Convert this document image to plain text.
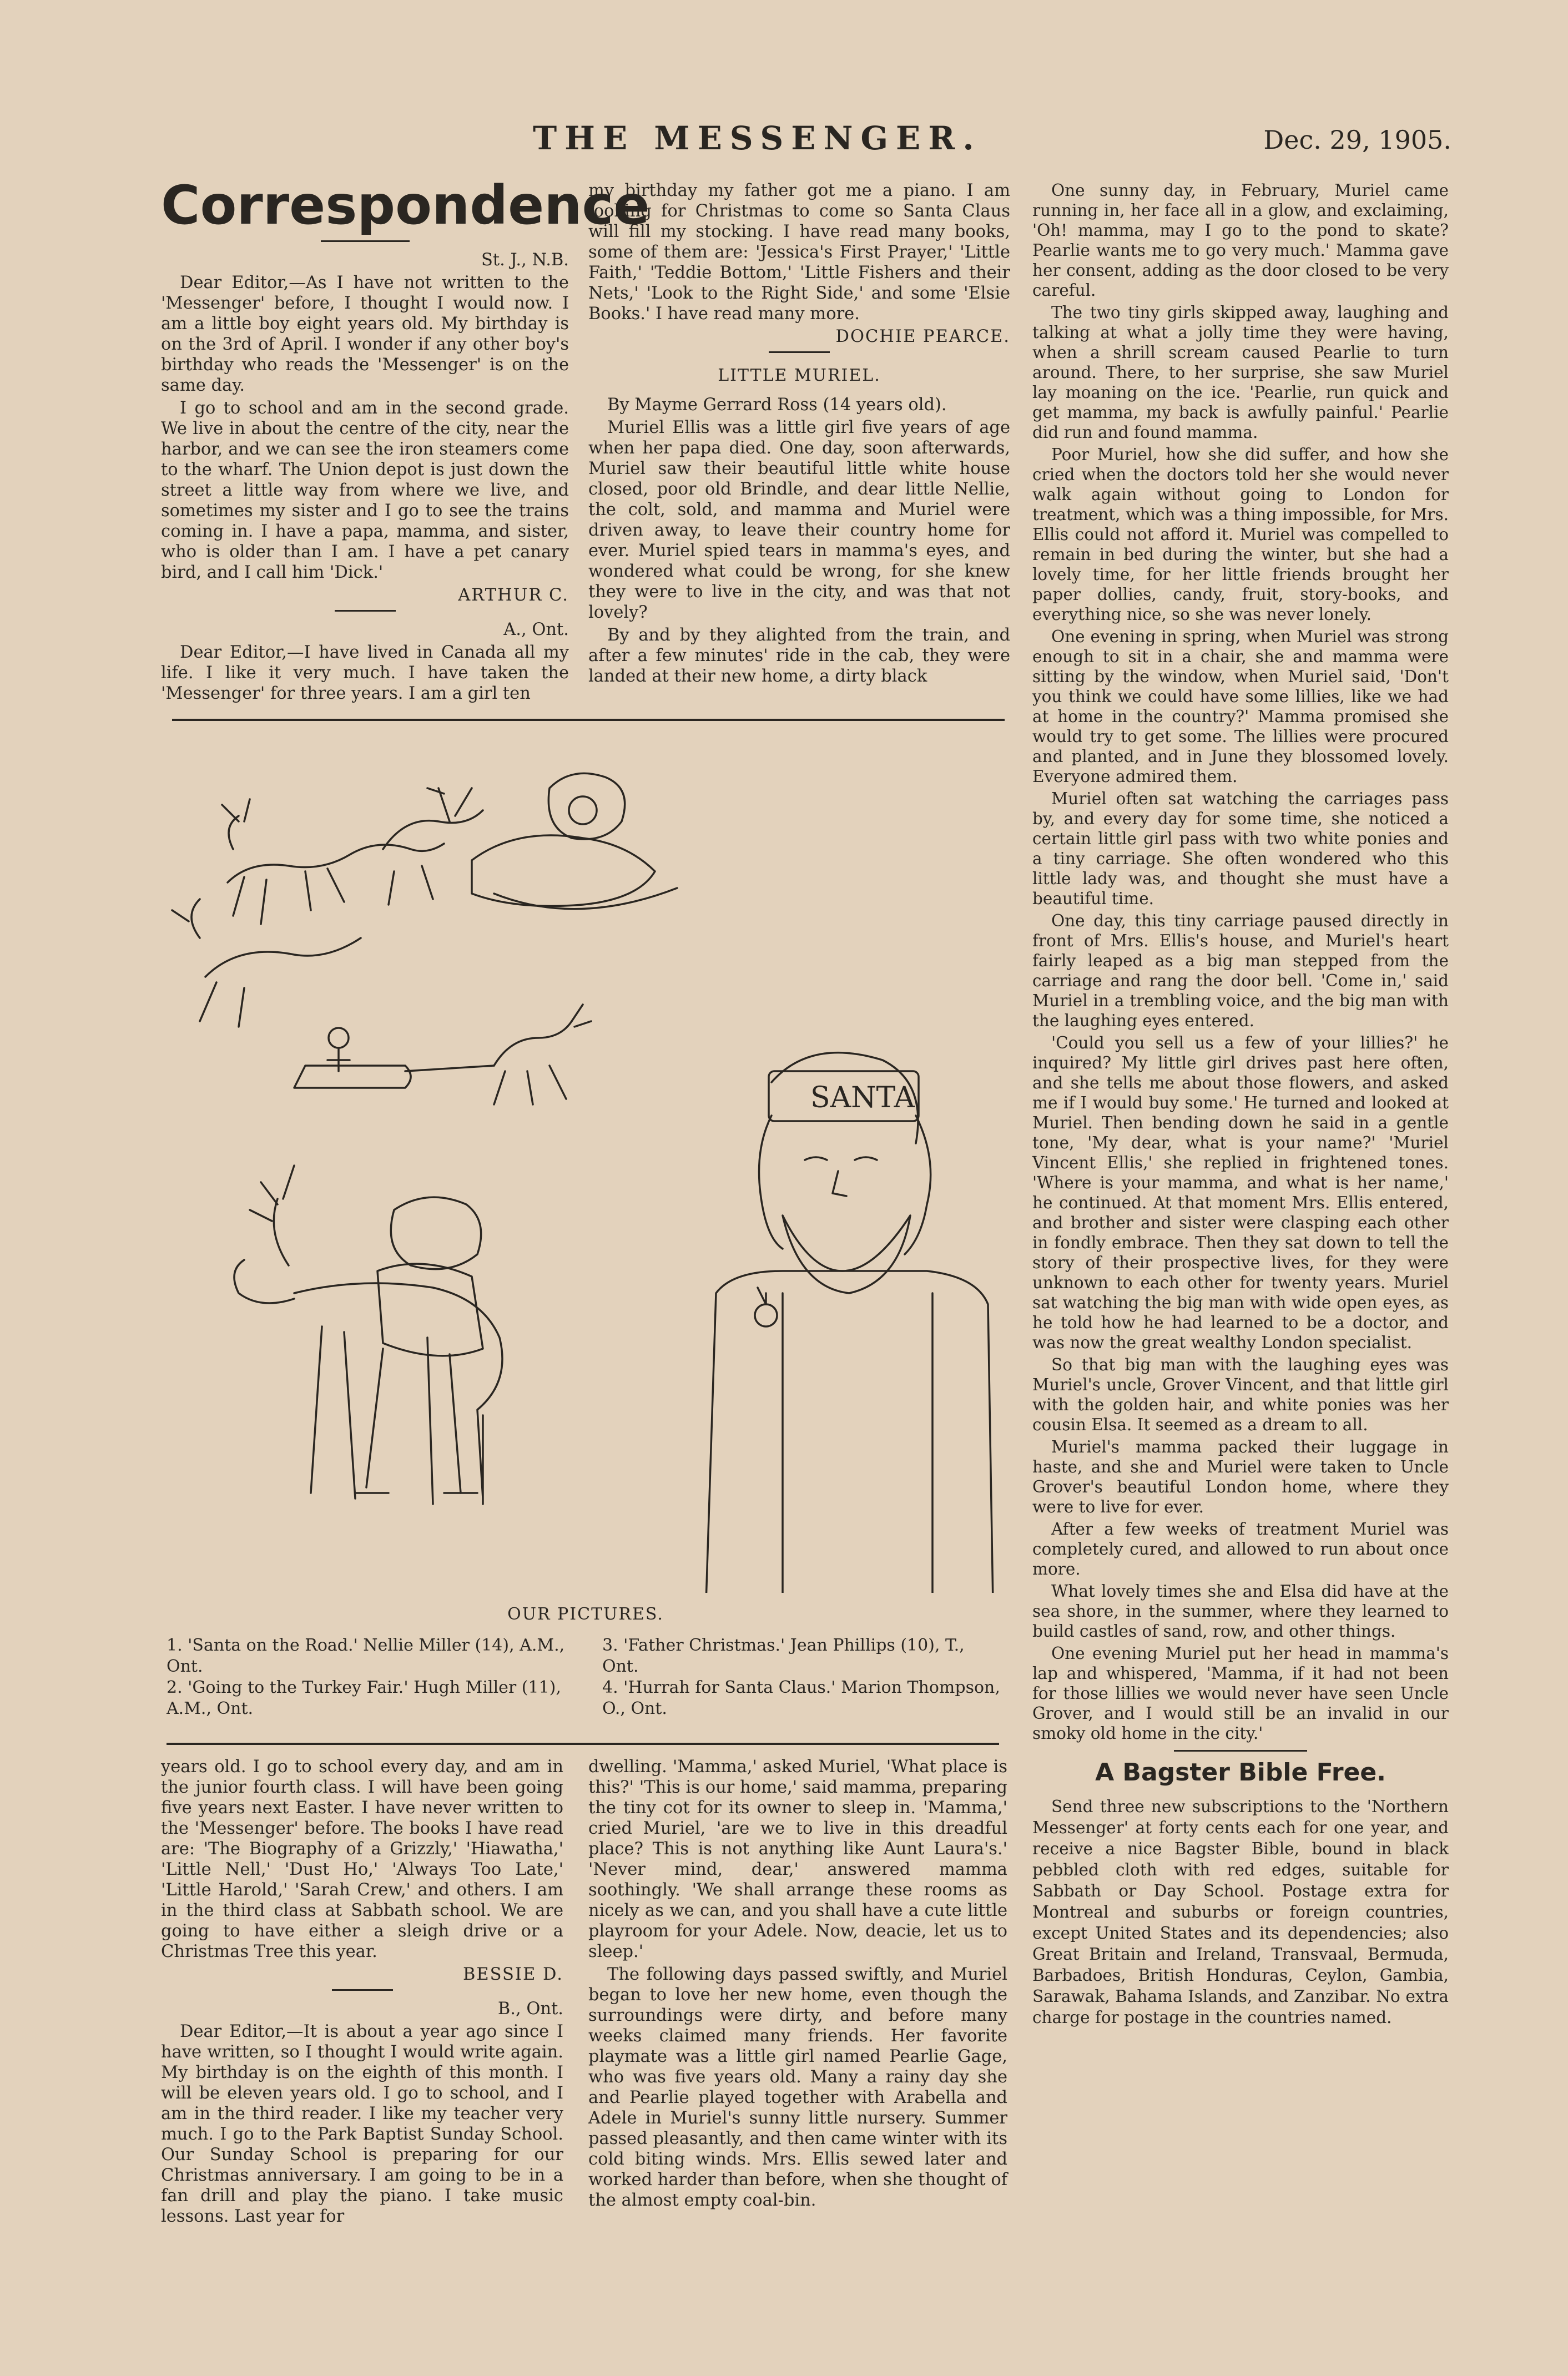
THE MESSENGER.	Dec. 29, 1905.
Correspondence

St. J., N.B.

Dear Editor,—As I have not written to the 'Messenger' before, I thought I would now. I am a little boy eight years old. My birthday is on the 3rd of April. I wonder if any other boy's birthday who reads the 'Messenger' is on the same day.

I go to school and am in the second grade. We live in about the centre of the city, near the harbor, and we can see the iron steamers come to the wharf. The Union depot is just down the street a little way from where we live, and sometimes my sister and I go to see the trains coming in. I have a papa, mamma, and sister, who is older than I am. I have a pet canary bird, and I call him 'Dick.'

ARTHUR C.

A., Ont.

Dear Editor,—I have lived in Canada all my life. I like it very much. I have taken the 'Messenger' for three years. I am a girl ten

my birthday my father got me a piano. I am looking for Christmas to come so Santa Claus will fill my stocking. I have read many books, some of them are: 'Jessica's First Prayer,' 'Little Faith,' 'Teddie Bottom,' 'Little Fishers and their Nets,' 'Look to the Right Side,' and some 'Elsie Books.' I have read many more.

DOCHIE PEARCE.

LITTLE MURIEL.

By Mayme Gerrard Ross (14 years old).

Muriel Ellis was a little girl five years of age when her papa died. One day, soon afterwards, Muriel saw their beautiful little white house closed, poor old Brindle, and dear little Nellie, the colt, sold, and mamma and Muriel were driven away, to leave their country home for ever. Muriel spied tears in mamma's eyes, and wondered what could be wrong, for she knew they were to live in the city, and was that not lovely?

By and by they alighted from the train, and after a few minutes' ride in the cab, they were landed at their new home, a dirty black

One sunny day, in February, Muriel came running in, her face all in a glow, and exclaiming, 'Oh! mamma, may I go to the pond to skate? Pearlie wants me to go very much.' Mamma gave her consent, adding as the door closed to be very careful.

The two tiny girls skipped away, laughing and talking at what a jolly time they were having, when a shrill scream caused Pearlie to turn around. There, to her surprise, she saw Muriel lay moaning on the ice. 'Pearlie, run quick and get mamma, my back is awfully painful.' Pearlie did run and found mamma.

Poor Muriel, how she did suffer, and how she cried when the doctors told her she would never walk again without going to London for treatment, which was a thing impossible, for Mrs. Ellis could not afford it. Muriel was compelled to remain in bed during the winter, but she had a lovely time, for her little friends brought her paper dollies, candy, fruit, story-books, and everything nice, so she was never lonely.

One evening in spring, when Muriel was strong enough to sit in a chair, she and mamma were sitting by the window, when Muriel said, 'Don't you think we could have some lillies, like we had at home in the country?' Mamma promised she would try to get some. The lillies were procured and planted, and in June they blossomed lovely. Everyone admired them.

Muriel often sat watching the carriages pass by, and every day for some time, she noticed a certain little girl pass with two white ponies and a tiny carriage. She often wondered who this little lady was, and thought she must have a beautiful time.

One day, this tiny carriage paused directly in front of Mrs. Ellis's house, and Muriel's heart fairly leaped as a big man stepped from the carriage and rang the door bell. 'Come in,' said Muriel in a trembling voice, and the big man with the laughing eyes entered.

'Could you sell us a few of your lillies?' he inquired? My little girl drives past here often, and she tells me about those flowers, and asked me if I would buy some.' He turned and looked at Muriel. Then bending down he said in a gentle tone, 'My dear, what is your name?' 'Muriel Vincent Ellis,' she replied in frightened tones. 'Where is your mamma, and what is her name,' he continued. At that moment Mrs. Ellis entered, and brother and sister were clasping each other in fondly embrace. Then they sat down to tell the story of their prospective lives, for they were unknown to each other for twenty years. Muriel sat watching the big man with wide open eyes, as he told how he had learned to be a doctor, and was now the great wealthy London specialist.

So that big man with the laughing eyes was Muriel's uncle, Grover Vincent, and that little girl with the golden hair, and white ponies was her cousin Elsa. It seemed as a dream to all.

Muriel's mamma packed their luggage in haste, and she and Muriel were taken to Uncle Grover's beautiful London home, where they were to live for ever.

After a few weeks of treatment Muriel was completely cured, and allowed to run about once more.

What lovely times she and Elsa did have at the sea shore, in the summer, where they learned to build castles of sand, row, and other things.

One evening Muriel put her head in mamma's lap and whispered, 'Mamma, if it had not been for those lillies we would never have seen Uncle Grover, and I would still be an invalid in our smoky old home in the city.'

A Bagster Bible Free.

Send three new subscriptions to the 'Northern Messenger' at forty cents each for one year, and receive a nice Bagster Bible, bound in black pebbled cloth with red edges, suitable for Sabbath or Day School. Postage extra for Montreal and suburbs or foreign countries, except United States and its dependencies; also Great Britain and Ireland, Transvaal, Bermuda, Barbadoes, British Honduras, Ceylon, Gambia, Sarawak, Bahama Islands, and Zanzibar. No extra charge for postage in the countries named.

SANTA
OUR PICTURES.
1. 'Santa on the Road.' Nellie Miller (14), A.M., Ont.
3. 'Father Christmas.' Jean Phillips (10), T., Ont.
2. 'Going to the Turkey Fair.' Hugh Miller (11), A.M., Ont.
4. 'Hurrah for Santa Claus.' Marion Thompson, O., Ont.

years old. I go to school every day, and am in the junior fourth class. I will have been going five years next Easter. I have never written to the 'Messenger' before. The books I have read are: 'The Biography of a Grizzly,' 'Hiawatha,' 'Little Nell,' 'Dust Ho,' 'Always Too Late,' 'Little Harold,' 'Sarah Crew,' and others. I am in the third class at Sabbath school. We are going to have either a sleigh drive or a Christmas Tree this year.

BESSIE D.

B., Ont.

Dear Editor,—It is about a year ago since I have written, so I thought I would write again. My birthday is on the eighth of this month. I will be eleven years old. I go to school, and I am in the third reader. I like my teacher very much. I go to the Park Baptist Sunday School. Our Sunday School is preparing for our Christmas anniversary. I am going to be in a fan drill and play the piano. I take music lessons. Last year for

dwelling. 'Mamma,' asked Muriel, 'What place is this?' 'This is our home,' said mamma, preparing the tiny cot for its owner to sleep in. 'Mamma,' cried Muriel, 'are we to live in this dreadful place? This is not anything like Aunt Laura's.' 'Never mind, dear,' answered mamma soothingly. 'We shall arrange these rooms as nicely as we can, and you shall have a cute little playroom for your Adele. Now, deacie, let us to sleep.'

The following days passed swiftly, and Muriel began to love her new home, even though the surroundings were dirty, and before many weeks claimed many friends. Her favorite playmate was a little girl named Pearlie Gage, who was five years old. Many a rainy day she and Pearlie played together with Arabella and Adele in Muriel's sunny little nursery. Summer passed pleasantly, and then came winter with its cold biting winds. Mrs. Ellis sewed later and worked harder than before, when she thought of the almost empty coal-bin.
